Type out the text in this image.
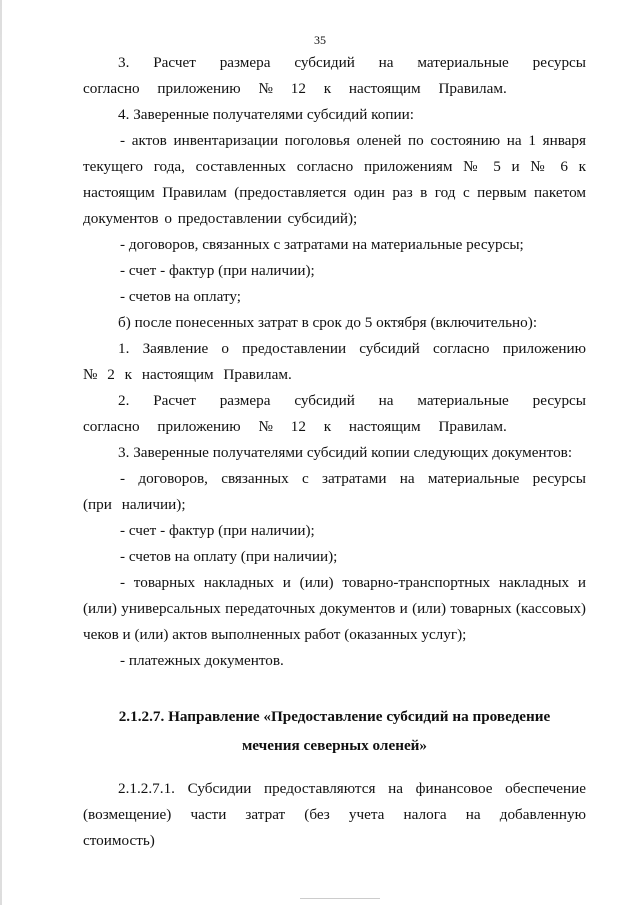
35

3. Расчет размера субсидий на материальные ресурсы согласно приложению № 12 к настоящим Правилам.

4. Заверенные получателями субсидий копии:

- актов инвентаризации поголовья оленей по состоянию на 1 января текущего года, составленных согласно приложениям № 5 и № 6 к настоящим Правилам (предоставляется один раз в год с первым пакетом документов о предоставлении субсидий);

- договоров, связанных с затратами на материальные ресурсы;

- счет - фактур (при наличии);

- счетов на оплату;

б) после понесенных затрат в срок до 5 октября (включительно):

1. Заявление о предоставлении субсидий согласно приложению № 2 к настоящим Правилам.

2. Расчет размера субсидий на материальные ресурсы согласно приложению № 12 к настоящим Правилам.

3. Заверенные получателями субсидий копии следующих документов:

- договоров, связанных с затратами на материальные ресурсы (при наличии);

- счет - фактур (при наличии);

- счетов на оплату (при наличии);

- товарных накладных и (или) товарно-транспортных накладных и (или) универсальных передаточных документов и (или) товарных (кассовых) чеков и (или) актов выполненных работ (оказанных услуг);

- платежных документов.

2.1.2.7. Направление «Предоставление субсидий на проведение
мечения северных оленей»

2.1.2.7.1. Субсидии предоставляются на финансовое обеспечение (возмещение) части затрат (без учета налога на добавленную стоимость)
